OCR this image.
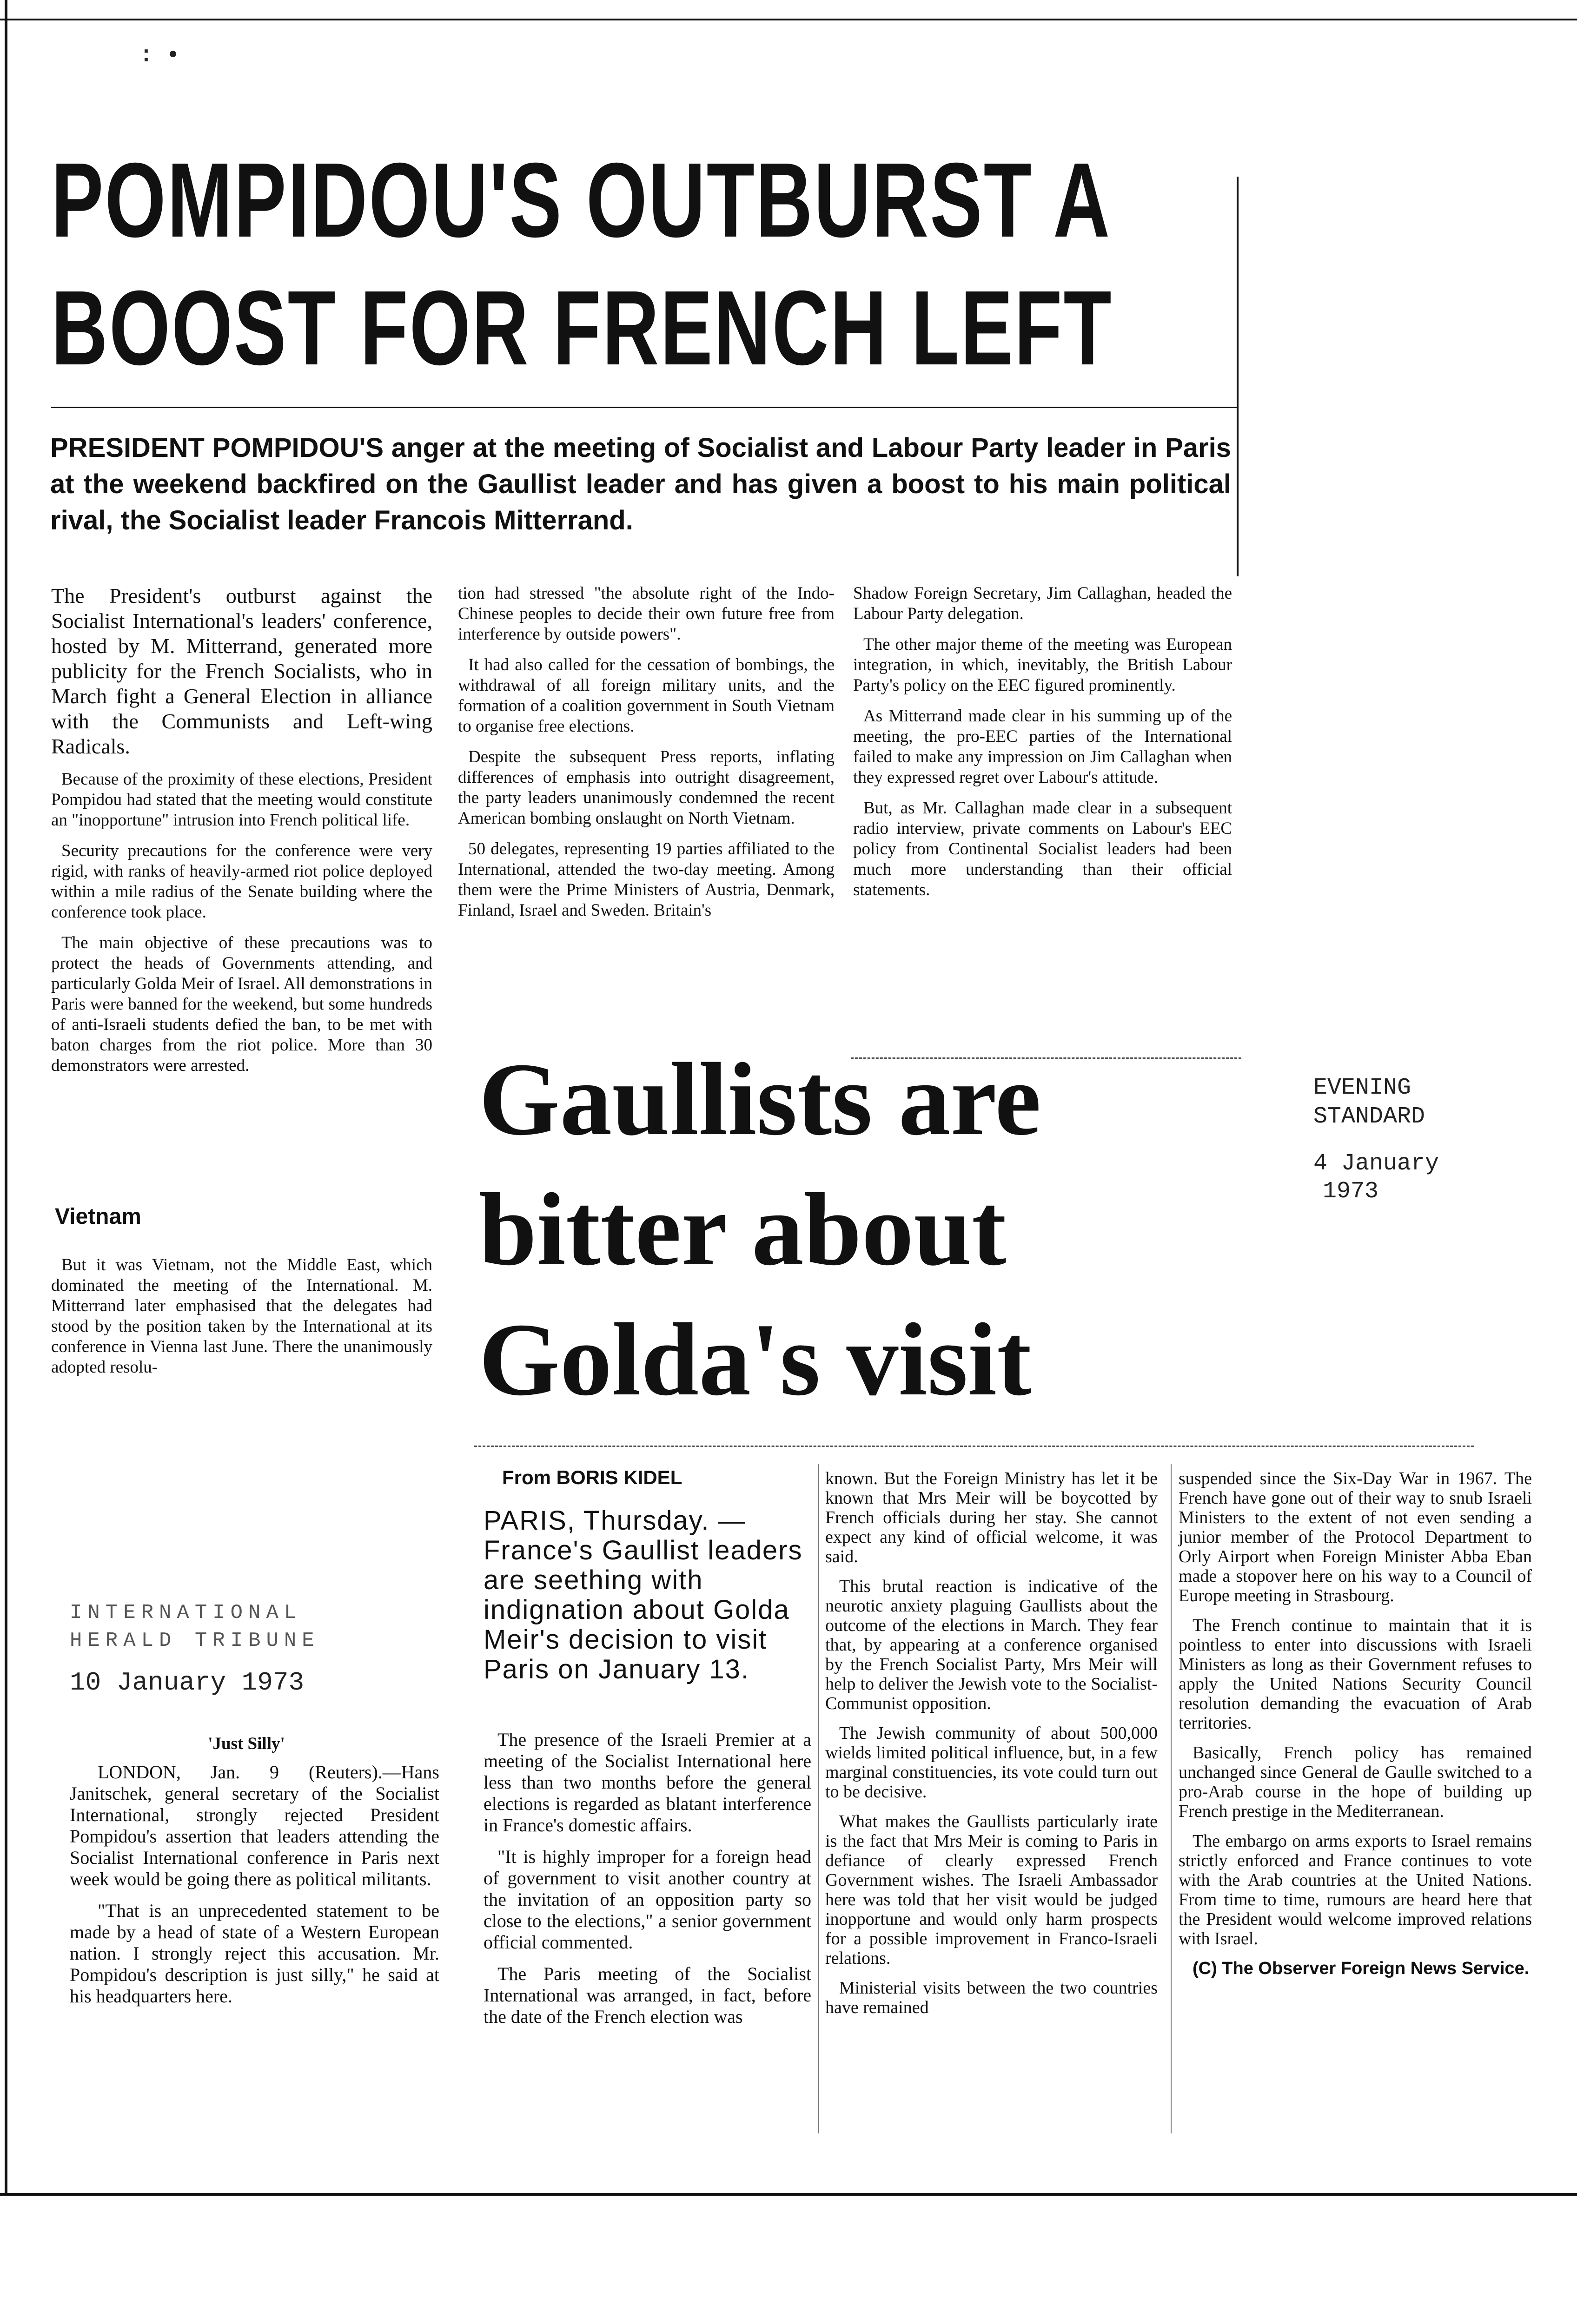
: •
POMPIDOU'S OUTBURST A
BOOST FOR FRENCH LEFT
PRESIDENT POMPIDOU'S anger at the meeting of Socialist and Labour Party leader in Paris at the weekend backfired on the Gaullist leader and has given a boost to his main political rival, the Socialist leader Francois Mitterrand.

The President's outburst against the Socialist International's leaders' conference, hosted by M. Mitterrand, generated more publicity for the French Socialists, who in March fight a General Election in alliance with the Communists and Left-wing Radicals.

Because of the proximity of these elections, President Pompidou had stated that the meeting would constitute an "inopportune" intrusion into French political life.

Security precautions for the conference were very rigid, with ranks of heavily-armed riot police deployed within a mile radius of the Senate building where the conference took place.

The main objective of these precautions was to protect the heads of Governments attending, and particularly Golda Meir of Israel. All demonstrations in Paris were banned for the weekend, but some hundreds of anti-Israeli students defied the ban, to be met with baton charges from the riot police. More than 30 demonstrators were arrested.

Vietnam

But it was Vietnam, not the Middle East, which dominated the meeting of the International. M. Mitterrand later emphasised that the delegates had stood by the position taken by the International at its conference in Vienna last June. There the unanimously adopted resolu-

tion had stressed "the absolute right of the Indo-Chinese peoples to decide their own future free from interference by outside powers".

It had also called for the cessation of bombings, the withdrawal of all foreign military units, and the formation of a coalition government in South Vietnam to organise free elections.

Despite the subsequent Press reports, inflating differences of emphasis into outright disagreement, the party leaders unanimously condemned the recent American bombing onslaught on North Vietnam.

50 delegates, representing 19 parties affiliated to the International, attended the two-day meeting. Among them were the Prime Ministers of Austria, Denmark, Finland, Israel and Sweden. Britain's

Shadow Foreign Secretary, Jim Callaghan, headed the Labour Party delegation.

The other major theme of the meeting was European integration, in which, inevitably, the British Labour Party's policy on the EEC figured prominently.

As Mitterrand made clear in his summing up of the meeting, the pro-EEC parties of the International failed to make any impression on Jim Callaghan when they expressed regret over Labour's attitude.

But, as Mr. Callaghan made clear in a subsequent radio interview, private comments on Labour's EEC policy from Continental Socialist leaders had been much more understanding than their official statements.

EVENING STANDARD
4 January
1973
Gaullists are
bitter about
Golda's visit
From BORIS KIDEL
PARIS, Thursday. — France's Gaullist leaders are seething with indignation about Golda Meir's decision to visit Paris on January 13.

The presence of the Israeli Premier at a meeting of the Socialist International here less than two months before the general elections is regarded as blatant interference in France's domestic affairs.

"It is highly improper for a foreign head of government to visit another country at the invitation of an opposition party so close to the elections," a senior government official commented.

The Paris meeting of the Socialist International was arranged, in fact, before the date of the French election was

known. But the Foreign Ministry has let it be known that Mrs Meir will be boycotted by French officials during her stay. She cannot expect any kind of official welcome, it was said.

This brutal reaction is indicative of the neurotic anxiety plaguing Gaullists about the outcome of the elections in March. They fear that, by appearing at a conference organised by the French Socialist Party, Mrs Meir will help to deliver the Jewish vote to the Socialist-Communist opposition.

The Jewish community of about 500,000 wields limited political influence, but, in a few marginal constituencies, its vote could turn out to be decisive.

What makes the Gaullists particularly irate is the fact that Mrs Meir is coming to Paris in defiance of clearly expressed French Government wishes. The Israeli Ambassador here was told that her visit would be judged inopportune and would only harm prospects for a possible improvement in Franco-Israeli relations.

Ministerial visits between the two countries have remained

suspended since the Six-Day War in 1967. The French have gone out of their way to snub Israeli Ministers to the extent of not even sending a junior member of the Protocol Department to Orly Airport when Foreign Minister Abba Eban made a stopover here on his way to a Council of Europe meeting in Strasbourg.

The French continue to maintain that it is pointless to enter into discussions with Israeli Ministers as long as their Government refuses to apply the United Nations Security Council resolution demanding the evacuation of Arab territories.

Basically, French policy has remained unchanged since General de Gaulle switched to a pro-Arab course in the hope of building up French prestige in the Mediterranean.

The embargo on arms exports to Israel remains strictly enforced and France continues to vote with the Arab countries at the United Nations. From time to time, rumours are heard here that the President would welcome improved relations with Israel.

(C) The Observer Foreign News Service.

INTERNATIONAL
HERALD TRIBUNE
10 January 1973
'Just Silly'

LONDON, Jan. 9 (Reuters).—Hans Janitschek, general secretary of the Socialist International, strongly rejected President Pompidou's assertion that leaders attending the Socialist International conference in Paris next week would be going there as political militants.

"That is an unprecedented statement to be made by a head of state of a Western European nation. I strongly reject this accusation. Mr. Pompidou's description is just silly," he said at his headquarters here.
